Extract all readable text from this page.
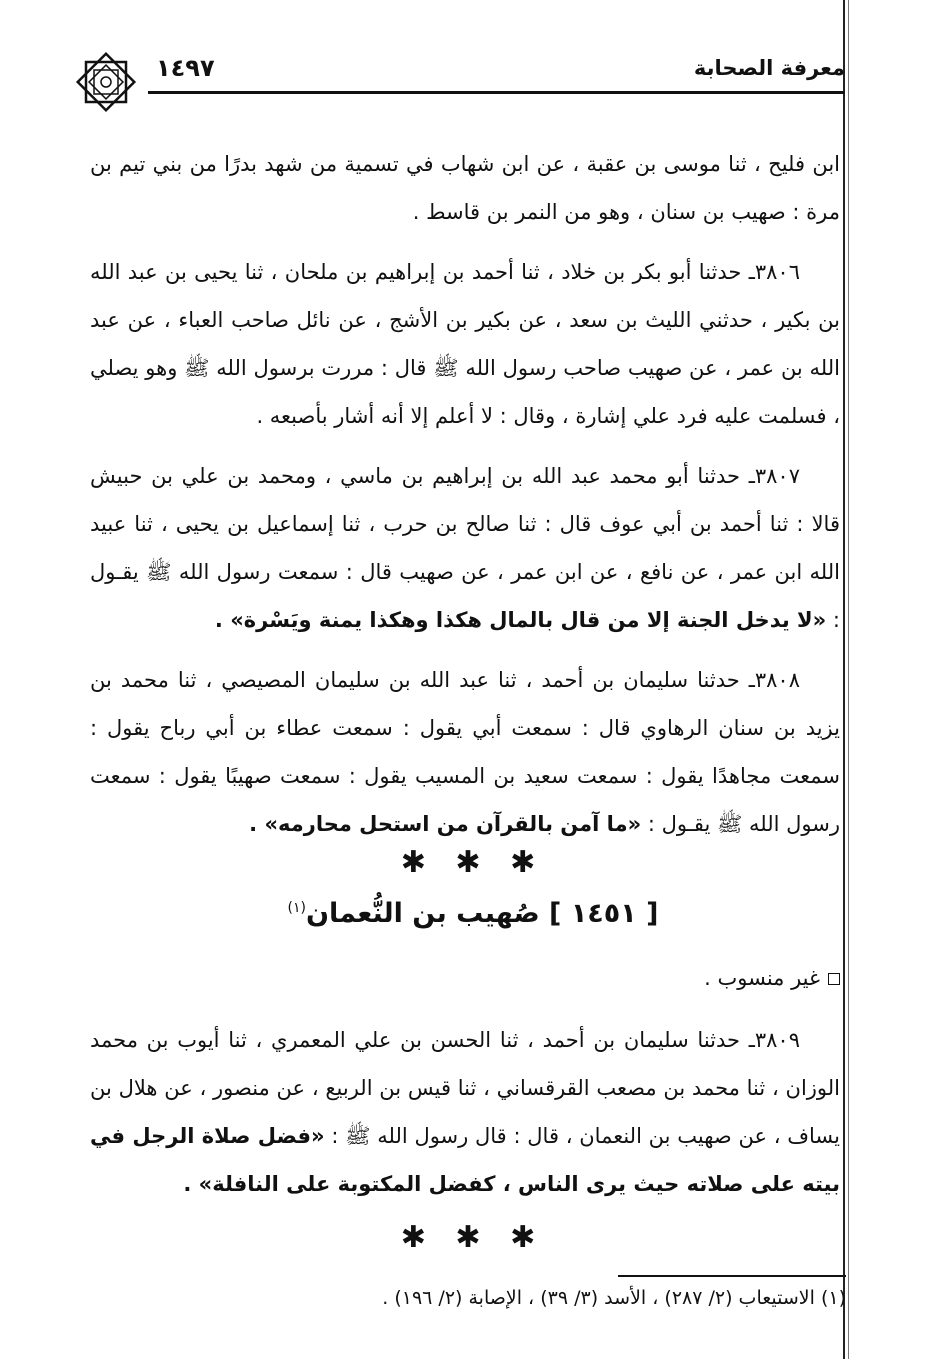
١٤٩٧	معرفة الصحابة

ابن فليح ، ثنا موسى بن عقبة ، عن ابن شهاب في تسمية من شهد بدرًا من بني تيم بن مرة : صهيب بن سنان ، وهو من النمر بن قاسط .

٣٨٠٦ـ حدثنا أبو بكر بن خلاد ، ثنا أحمد بن إبراهيم بن ملحان ، ثنا يحيى بن عبد الله بن بكير ، حدثني الليث بن سعد ، عن بكير بن الأشج ، عن نائل صاحب العباء ، عن عبد الله بن عمر ، عن صهيب صاحب رسول الله ﷺ قال : مررت برسول الله ﷺ وهو يصلي ، فسلمت عليه فرد علي إشارة ، وقال : لا أعلم إلا أنه أشار بأصبعه .

٣٨٠٧ـ حدثنا أبو محمد عبد الله بن إبراهيم بن ماسي ، ومحمد بن علي بن حبيش قالا : ثنا أحمد بن أبي عوف قال : ثنا صالح بن حرب ، ثنا إسماعيل بن يحيى ، ثنا عبيد الله ابن عمر ، عن نافع ، عن ابن عمر ، عن صهيب قال : سمعت رسول الله ﷺ يقـول : «لا يدخل الجنة إلا من قال بالمال هكذا وهكذا يمنة ويَسْرة» .

٣٨٠٨ـ حدثنا سليمان بن أحمد ، ثنا عبد الله بن سليمان المصيصي ، ثنا محمد بن يزيد بن سنان الرهاوي قال : سمعت أبي يقول : سمعت عطاء بن أبي رباح يقول : سمعت مجاهدًا يقول : سمعت سعيد بن المسيب يقول : سمعت صهيبًا يقول : سمعت رسول الله ﷺ يقـول : «ما آمن بالقرآن من استحل محارمه» .

✱ ✱ ✱
[ ١٤٥١ ] صُهيب بن النُّعمان$^{(١)}$
غير منسوب .

٣٨٠٩ـ حدثنا سليمان بن أحمد ، ثنا الحسن بن علي المعمري ، ثنا أيوب بن محمد الوزان ، ثنا محمد بن مصعب القرقساني ، ثنا قيس بن الربيع ، عن منصور ، عن هلال بن يساف ، عن صهيب بن النعمان ، قال : قال رسول الله ﷺ : «فضل صلاة الرجل في بيته على صلاته حيث يرى الناس ، كفضل المكتوبة على النافلة» .

✱ ✱ ✱
(١) الاستيعاب (٢/ ٢٨٧) ، الأسد (٣/ ٣٩) ، الإصابة (٢/ ١٩٦) .
